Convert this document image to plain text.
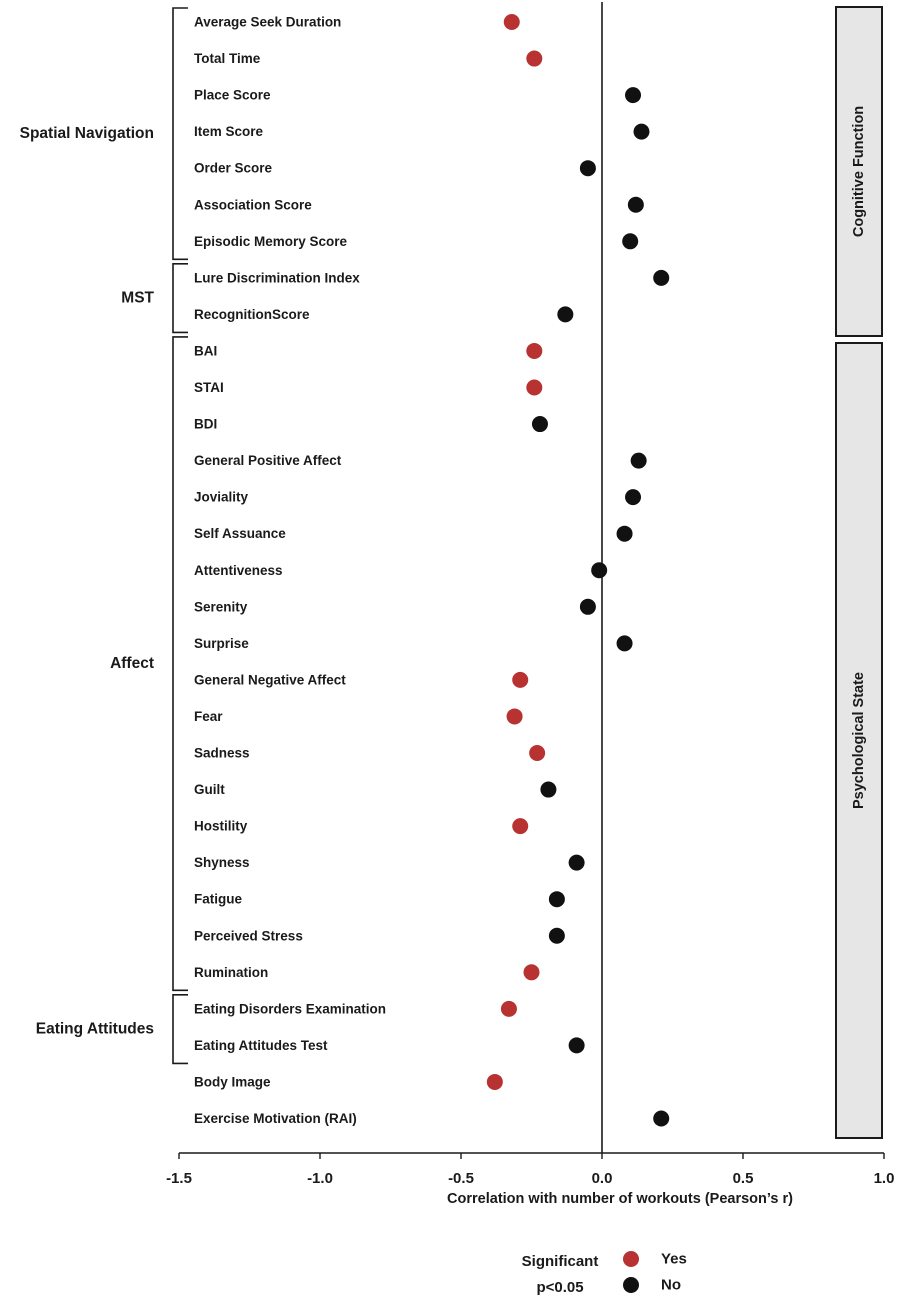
Cognitive Function
Psychological State
-1.5	-1.0	-0.5	0.0	0.5	1.0
Correlation with number of workouts (Pearson’s r)
Spatial Navigation
MST
Affect
Eating Attitudes
Average Seek Duration
Total Time
Place Score
Item Score
Order Score
Association Score
Episodic Memory Score
Lure Discrimination Index
RecognitionScore
BAI
STAI
BDI
General Positive Affect
Joviality
Self Assuance
Attentiveness
Serenity
Surprise
General Negative Affect
Fear
Sadness
Guilt
Hostility
Shyness
Fatigue
Perceived Stress
Rumination
Eating Disorders Examination
Eating Attitudes Test
Body Image
Exercise Motivation (RAI)
Significant
p<0.05
Yes
No
